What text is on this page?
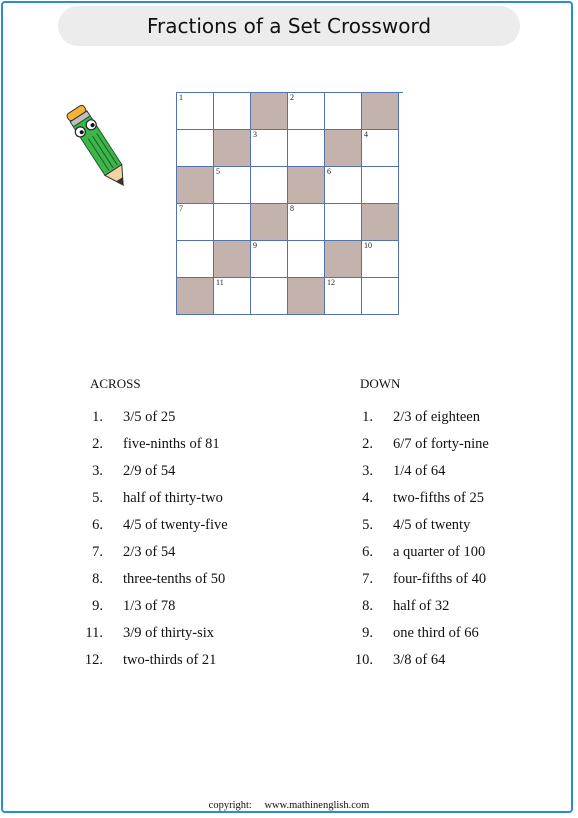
Fractions of a Set Crossword
1	2
3	4
5	6
7	8
9	10
11	12
ACROSS	DOWN
1.	3/5 of 25
2.	five-ninths of 81
3.	2/9 of 54
5.	half of thirty-two
6.	4/5 of twenty-five
7.	2/3 of 54
8.	three-tenths of 50
9.	1/3 of 78
11.	3/9 of thirty-six
12.	two-thirds of 21
1.	2/3 of eighteen
2.	6/7 of forty-nine
3.	1/4 of 64
4.	two-fifths of 25
5.	4/5 of twenty
6.	a quarter of 100
7.	four-fifths of 40
8.	half of 32
9.	one third of 66
10.	3/8 of 64
copyright: www.mathinenglish.com
